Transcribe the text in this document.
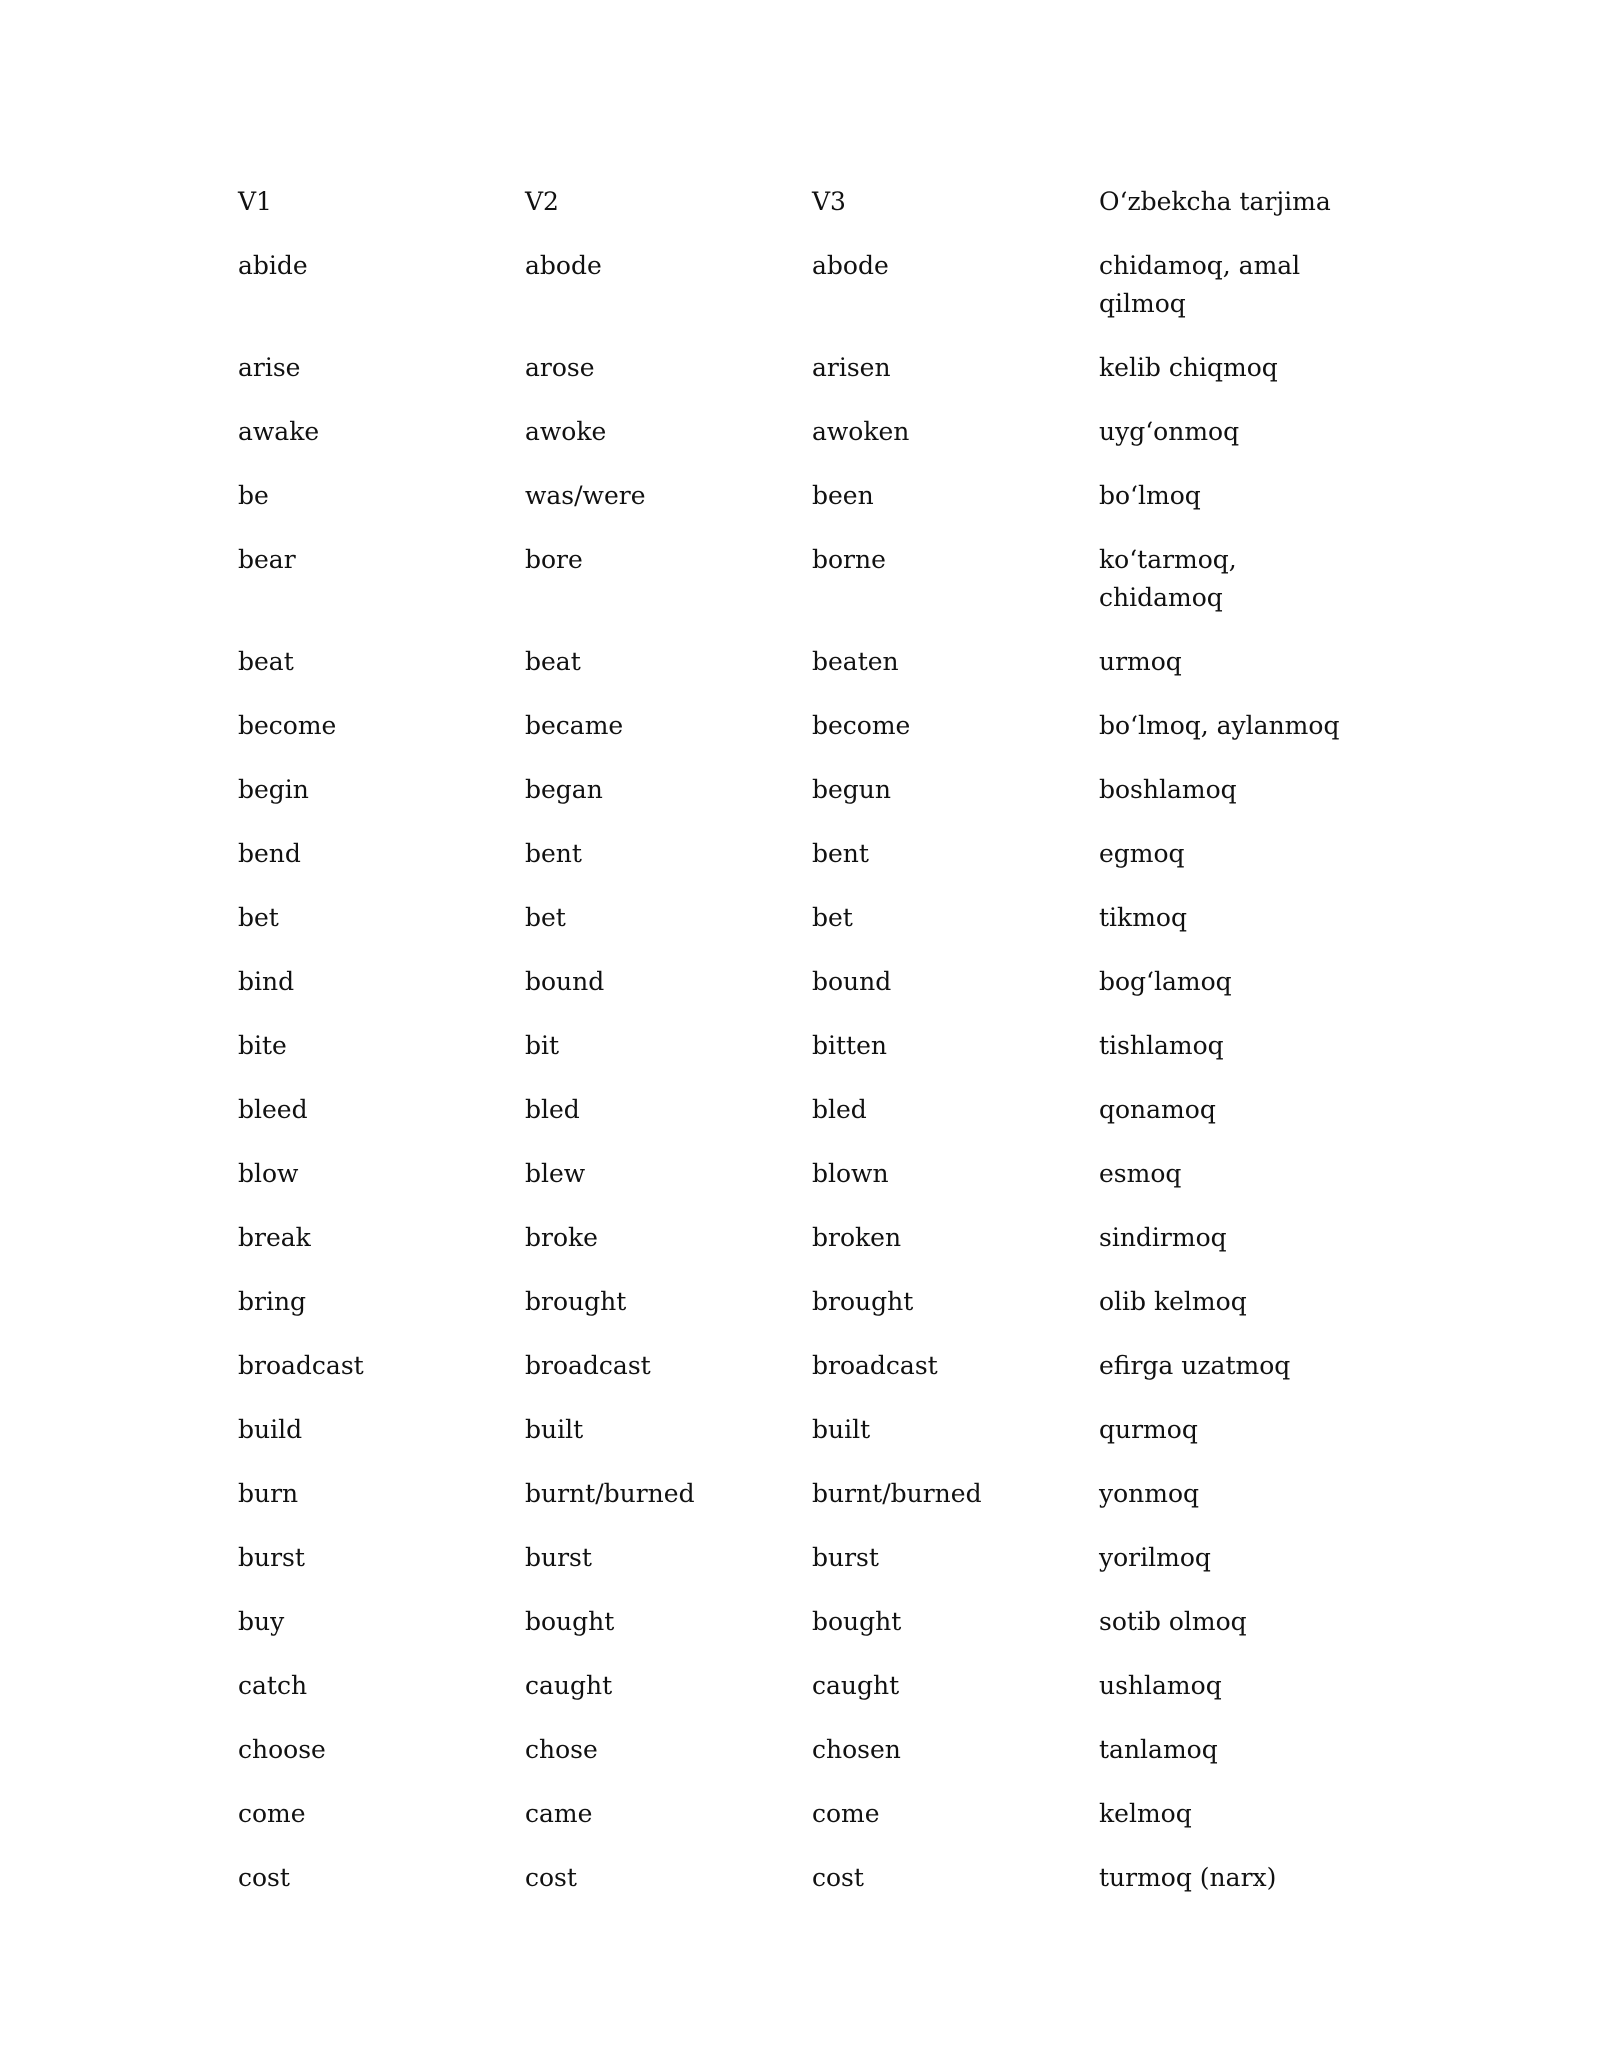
V1	V2	V3	O‘zbekcha tarjima
abide	abode	abode	chidamoq, amal qilmoq
arise	arose	arisen	kelib chiqmoq
awake	awoke	awoken	uyg‘onmoq
be	was/were	been	bo‘lmoq
bear	bore	borne	ko‘tarmoq, chidamoq
beat	beat	beaten	urmoq
become	became	become	bo‘lmoq, aylanmoq
begin	began	begun	boshlamoq
bend	bent	bent	egmoq
bet	bet	bet	tikmoq
bind	bound	bound	bog‘lamoq
bite	bit	bitten	tishlamoq
bleed	bled	bled	qonamoq
blow	blew	blown	esmoq
break	broke	broken	sindirmoq
bring	brought	brought	olib kelmoq
broadcast	broadcast	broadcast	efirga uzatmoq
build	built	built	qurmoq
burn	burnt/burned	burnt/burned	yonmoq
burst	burst	burst	yorilmoq
buy	bought	bought	sotib olmoq
catch	caught	caught	ushlamoq
choose	chose	chosen	tanlamoq
come	came	come	kelmoq
cost	cost	cost	turmoq (narx)
